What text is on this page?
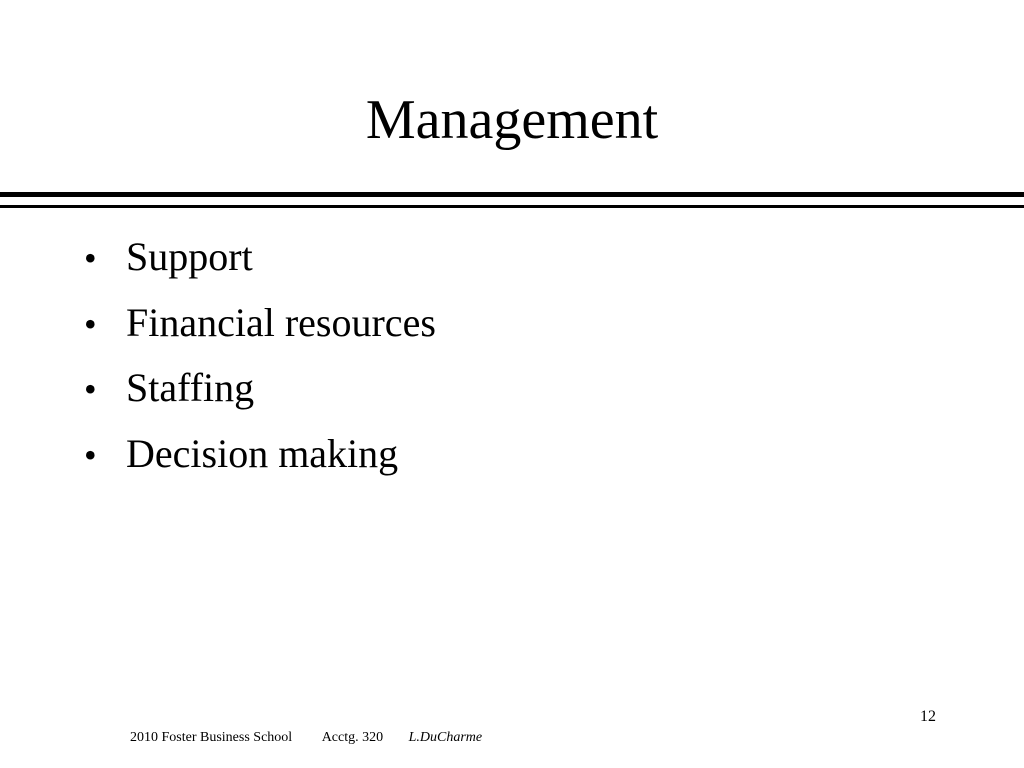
Management
• Support
• Financial resources
• Staffing
• Decision making
12
2010 Foster Business School Acctg. 320 L.DuCharme
